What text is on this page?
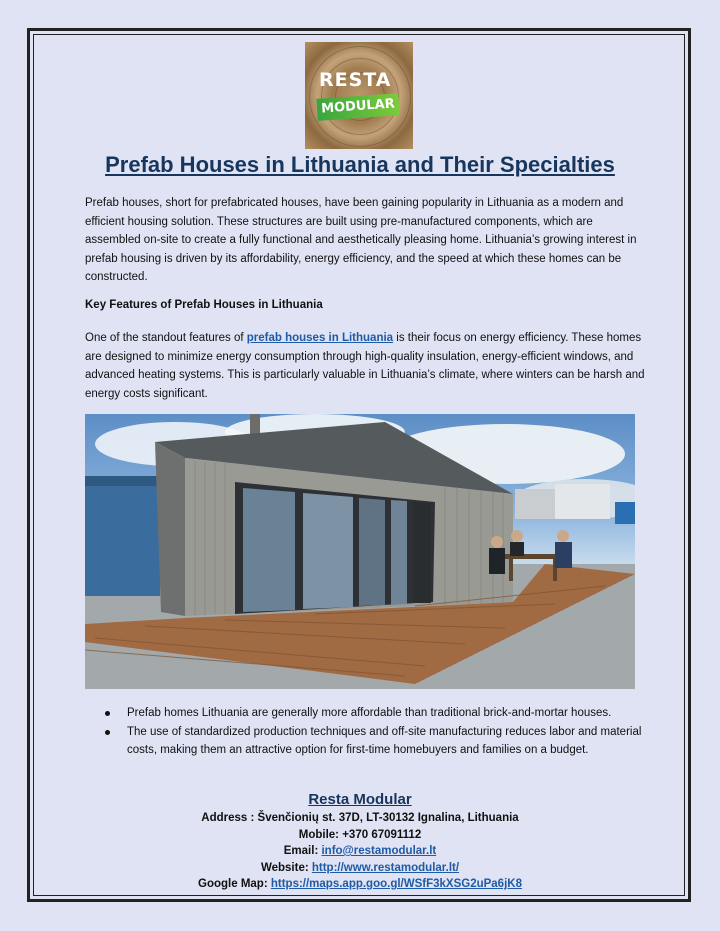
RESTA
MODULAR
Prefab Houses in Lithuania and Their Specialties

Prefab houses, short for prefabricated houses, have been gaining popularity in Lithuania as a modern and efficient housing solution. These structures are built using pre-manufactured components, which are assembled on-site to create a fully functional and aesthetically pleasing home. Lithuania’s growing interest in prefab housing is driven by its affordability, energy efficiency, and the speed at which these homes can be constructed.

Key Features of Prefab Houses in Lithuania

One of the standout features of prefab houses in Lithuania is their focus on energy efficiency. These homes are designed to minimize energy consumption through high-quality insulation, energy-efficient windows, and advanced heating systems. This is particularly valuable in Lithuania’s climate, where winters can be harsh and energy costs significant.

Prefab homes Lithuania are generally more affordable than traditional brick-and-mortar houses.
The use of standardized production techniques and off-site manufacturing reduces labor and material costs, making them an attractive option for first-time homebuyers and families on a budget.
Resta Modular
Address : Švenčionių st. 37D, LT-30132 Ignalina, Lithuania
Mobile: +370 67091112
Email: info@restamodular.lt
Website: http://www.restamodular.lt/
Google Map: https://maps.app.goo.gl/WSfF3kXSG2uPa6jK8
